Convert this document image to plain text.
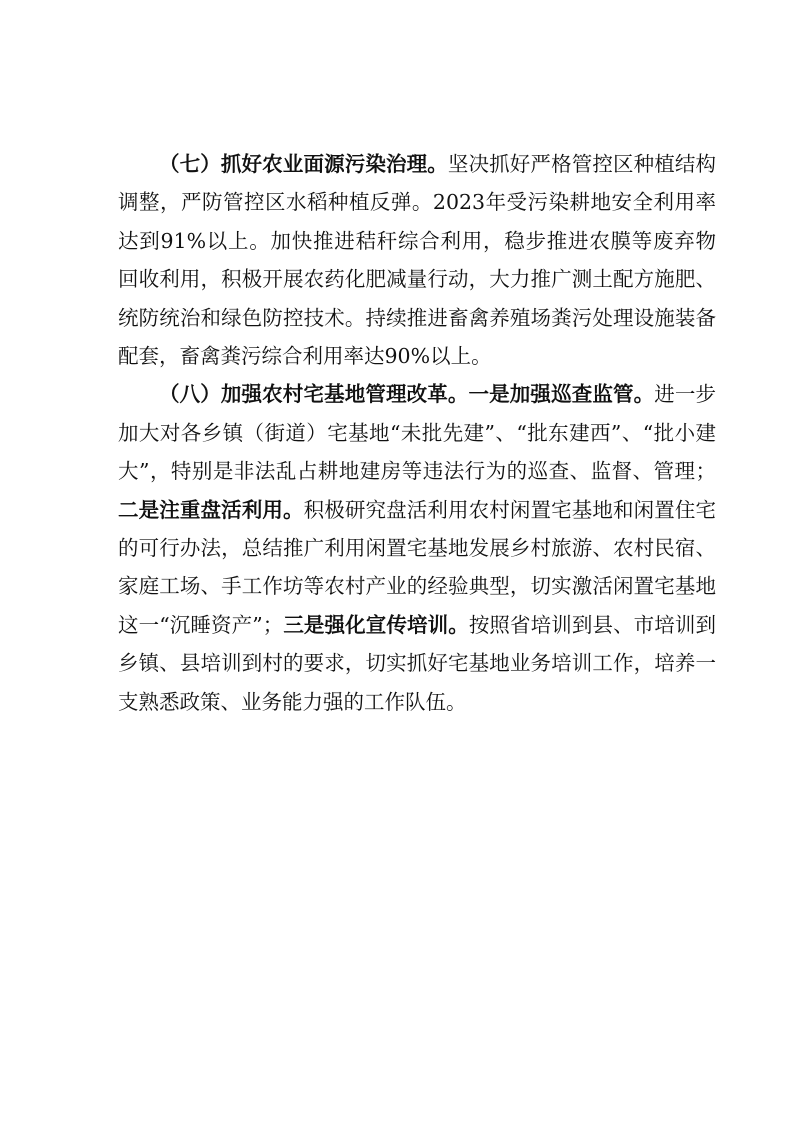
（七）抓好农业面源污染治理。坚决抓好严格管控区种植结构调整，严防管控区水稻种植反弹。2023年受污染耕地安全利用率达到91%以上。加快推进秸秆综合利用，稳步推进农膜等废弃物回收利用，积极开展农药化肥减量行动，大力推广测土配方施肥、统防统治和绿色防控技术。持续推进畜禽养殖场粪污处理设施装备配套，畜禽粪污综合利用率达90%以上。

（八）加强农村宅基地管理改革。一是加强巡查监管。进一步加大对各乡镇（街道）宅基地“未批先建”、“批东建西”、“批小建大”，特别是非法乱占耕地建房等违法行为的巡查、监督、管理；二是注重盘活利用。积极研究盘活利用农村闲置宅基地和闲置住宅的可行办法，总结推广利用闲置宅基地发展乡村旅游、农村民宿、家庭工场、手工作坊等农村产业的经验典型，切实激活闲置宅基地这一“沉睡资产”；三是强化宣传培训。按照省培训到县、市培训到乡镇、县培训到村的要求，切实抓好宅基地业务培训工作，培养一支熟悉政策、业务能力强的工作队伍。
